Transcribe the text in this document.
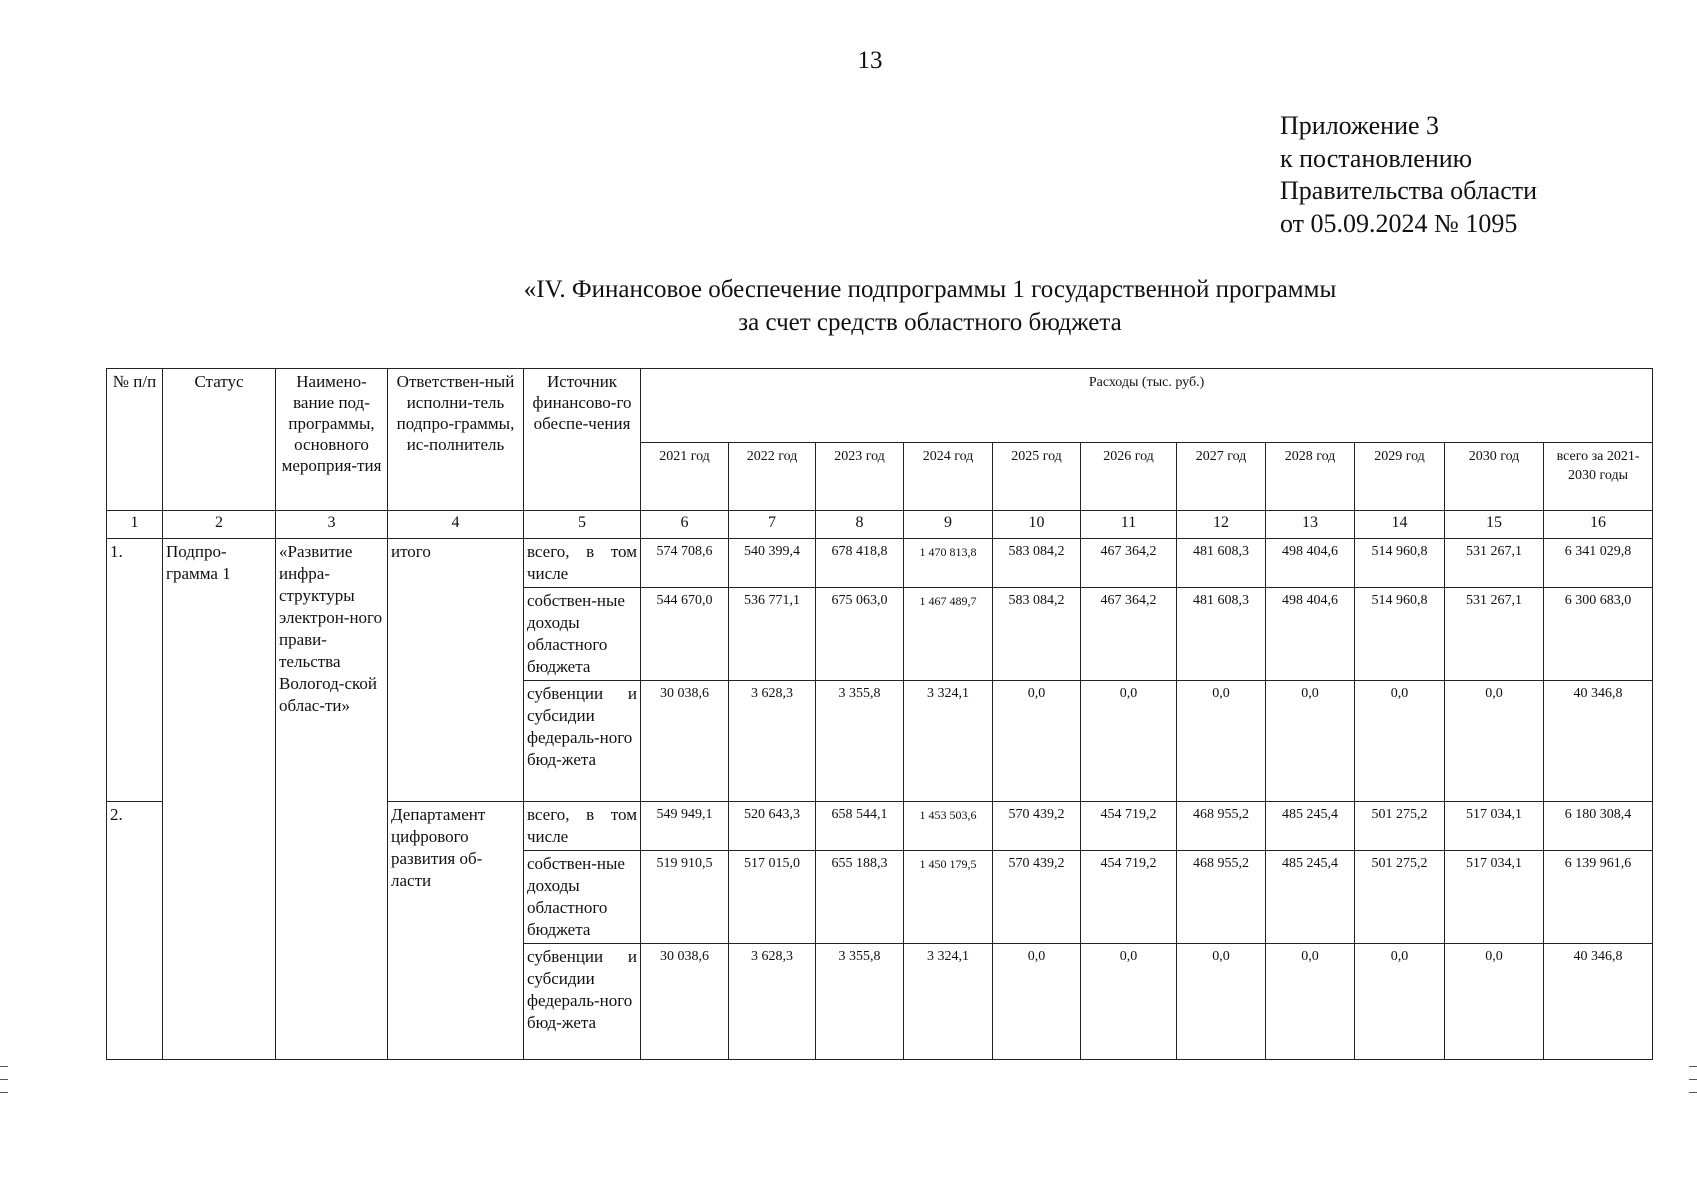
13
Приложение 3
к постановлению
Правительства области
от 05.09.2024 № 1095
«IV. Финансовое обеспечение подпрограммы 1 государственной программы
за счет средств областного бюджета
№ п/п	Статус	Наимено-вание под-программы, основного мероприя-тия	Ответствен-ный исполни-тель подпро-граммы, ис-полнитель	Источник финансово-го обеспе-чения	Расходы (тыс. руб.)										
					2021 год	2022 год	2023 год	2024 год	2025 год	2026 год	2027 год	2028 год	2029 год	2030 год	всего за 2021-2030 годы
1	2	3	4	5	6	7	8	9	10	11	12	13	14	15	16
1.	Подпро-грамма 1	«Развитие инфра-структуры электрон-ного прави-тельства Вологод-ской облас-ти»	итого	всего, в том числе	574 708,6	540 399,4	678 418,8	1 470 813,8	583 084,2	467 364,2	481 608,3	498 404,6	514 960,8	531 267,1	6 341 029,8
				собствен-ные доходы областного бюджета	544 670,0	536 771,1	675 063,0	1 467 489,7	583 084,2	467 364,2	481 608,3	498 404,6	514 960,8	531 267,1	6 300 683,0
				субвенции и субсидии федераль-ного бюд-жета	30 038,6	3 628,3	3 355,8	3 324,1	0,0	0,0	0,0	0,0	0,0	0,0	40 346,8
2.			Департамент цифрового развития об-ласти	всего, в том числе	549 949,1	520 643,3	658 544,1	1 453 503,6	570 439,2	454 719,2	468 955,2	485 245,4	501 275,2	517 034,1	6 180 308,4
				собствен-ные доходы областного бюджета	519 910,5	517 015,0	655 188,3	1 450 179,5	570 439,2	454 719,2	468 955,2	485 245,4	501 275,2	517 034,1	6 139 961,6
				субвенции и субсидии федераль-ного бюд-жета	30 038,6	3 628,3	3 355,8	3 324,1	0,0	0,0	0,0	0,0	0,0	0,0	40 346,8
